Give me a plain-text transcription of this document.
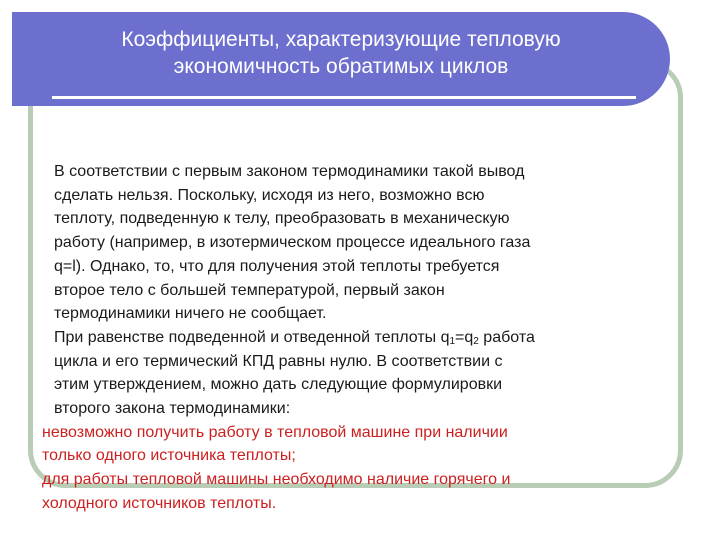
Коэффициенты, характеризующие тепловую
экономичность обратимых циклов

В соответствии с первым законом термодинамики такой вывод
сделать нельзя. Поскольку, исходя из него, возможно всю
теплоту, подведенную к телу, преобразовать в механическую
работу (например, в изотермическом процессе идеального газа
q=l). Однако, то, что для получения этой теплоты требуется
второе тело с большей температурой, первый закон
термодинамики ничего не сообщает.

При равенстве подведенной и отведенной теплоты $q_1=q_2$ работа
цикла и его термический КПД равны нулю. В соответствии с
этим утверждением, можно дать следующие формулировки
второго закона термодинамики:

невозможно получить работу в тепловой машине при наличии
только одного источника теплоты;

для работы тепловой машины необходимо наличие горячего и
холодного источников теплоты.
